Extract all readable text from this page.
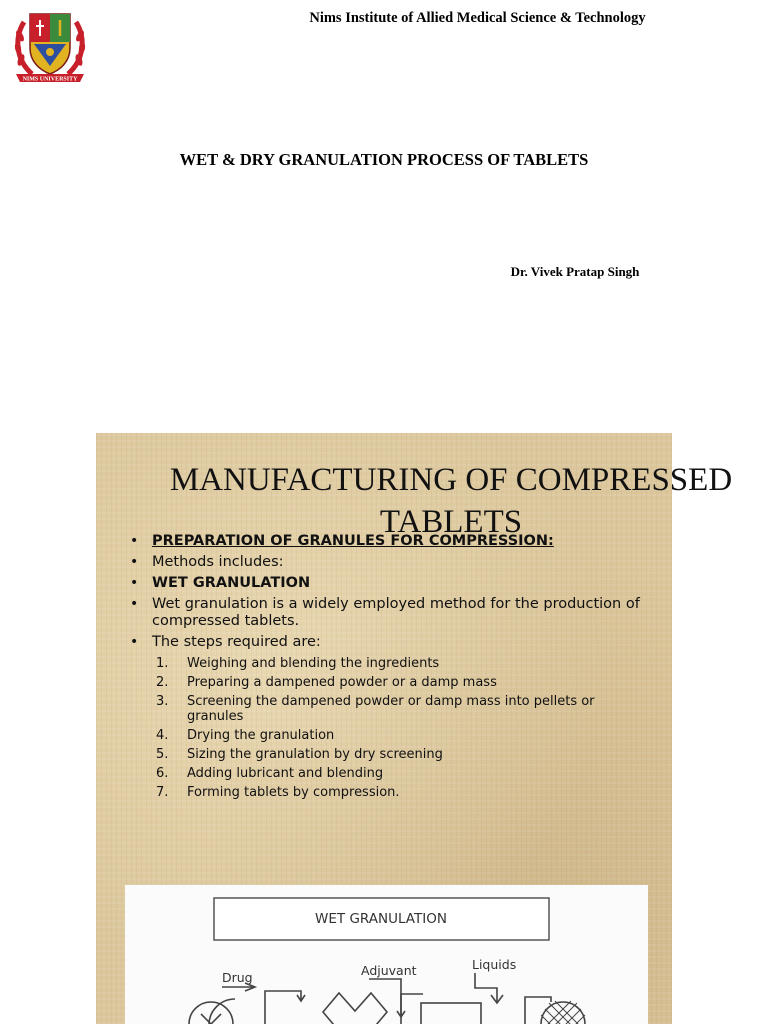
NIMS UNIVERSITY
Nims Institute of Allied Medical Science & Technology
WET & DRY GRANULATION PROCESS OF TABLETS
Dr. Vivek Pratap Singh
MANUFACTURING OF COMPRESSED TABLETS
• PREPARATION OF GRANULES FOR COMPRESSION:
• Methods includes:
• WET GRANULATION
• Wet granulation is a widely employed method for the production of compressed tablets.
• The steps required are:
1. Weighing and blending the ingredients
2. Preparing a dampened powder or a damp mass
3. Screening the dampened powder or damp mass into pellets or granules
4. Drying the granulation
5. Sizing the granulation by dry screening
6. Adding lubricant and blending
7. Forming tablets by compression.
WET GRANULATION
Drug	Adjuvant	Liquids
